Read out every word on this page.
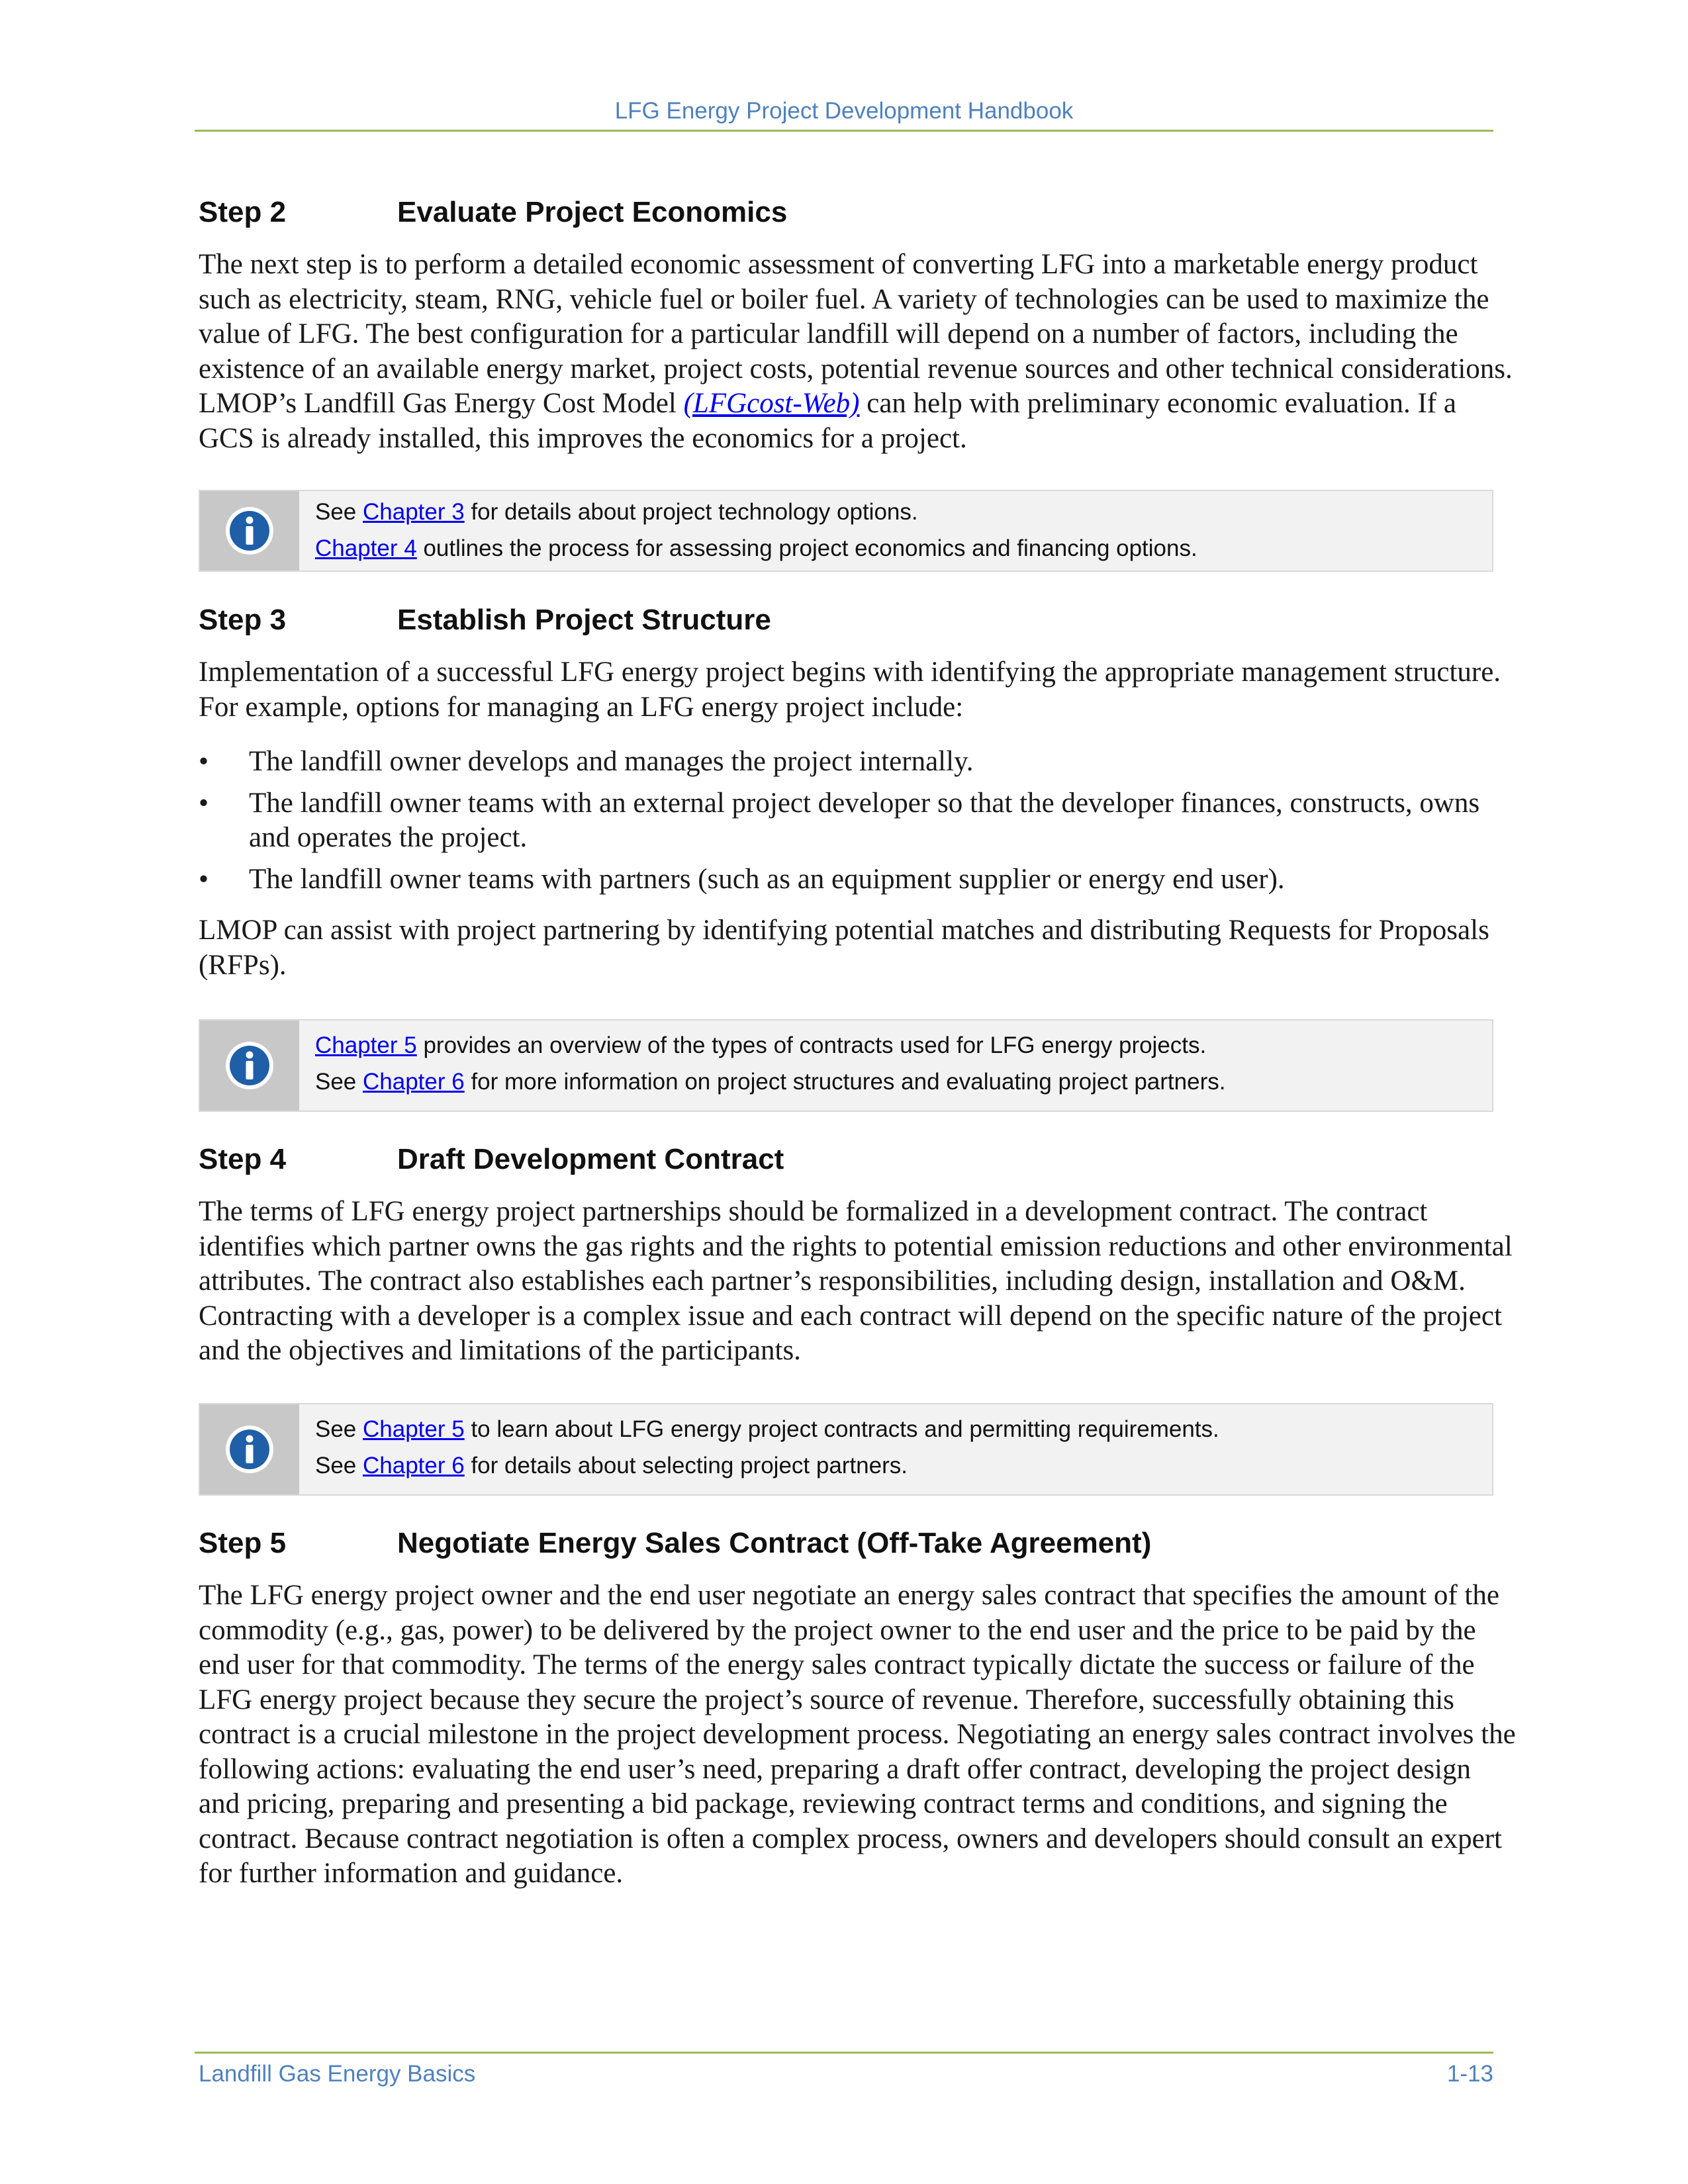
LFG Energy Project Development Handbook
Step 2	Evaluate Project Economics

The next step is to perform a detailed economic assessment of converting LFG into a marketable energy product such as electricity, steam, RNG, vehicle fuel or boiler fuel. A variety of technologies can be used to maximize the value of LFG. The best configuration for a particular landfill will depend on a number of factors, including the existence of an available energy market, project costs, potential revenue sources and other technical considerations. LMOP’s Landfill Gas Energy Cost Model (LFGcost-Web) can help with preliminary economic evaluation. If a GCS is already installed, this improves the economics for a project.

See Chapter 3 for details about project technology options.
Chapter 4 outlines the process for assessing project economics and financing options.
Step 3	Establish Project Structure

Implementation of a successful LFG energy project begins with identifying the appropriate management structure. For example, options for managing an LFG energy project include:

• The landfill owner develops and manages the project internally.
• The landfill owner teams with an external project developer so that the developer finances, constructs, owns and operates the project.
• The landfill owner teams with partners (such as an equipment supplier or energy end user).

LMOP can assist with project partnering by identifying potential matches and distributing Requests for Proposals (RFPs).

Chapter 5 provides an overview of the types of contracts used for LFG energy projects.
See Chapter 6 for more information on project structures and evaluating project partners.
Step 4	Draft Development Contract

The terms of LFG energy project partnerships should be formalized in a development contract. The contract identifies which partner owns the gas rights and the rights to potential emission reductions and other environmental attributes. The contract also establishes each partner’s responsibilities, including design, installation and O&M. Contracting with a developer is a complex issue and each contract will depend on the specific nature of the project and the objectives and limitations of the participants.

See Chapter 5 to learn about LFG energy project contracts and permitting requirements.
See Chapter 6 for details about selecting project partners.
Step 5	Negotiate Energy Sales Contract (Off-Take Agreement)

The LFG energy project owner and the end user negotiate an energy sales contract that specifies the amount of the commodity (e.g., gas, power) to be delivered by the project owner to the end user and the price to be paid by the end user for that commodity. The terms of the energy sales contract typically dictate the success or failure of the LFG energy project because they secure the project’s source of revenue. Therefore, successfully obtaining this contract is a crucial milestone in the project development process. Negotiating an energy sales contract involves the following actions: evaluating the end user’s need, preparing a draft offer contract, developing the project design and pricing, preparing and presenting a bid package, reviewing contract terms and conditions, and signing the contract. Because contract negotiation is often a complex process, owners and developers should consult an expert for further information and guidance.

Landfill Gas Energy Basics	1-13
